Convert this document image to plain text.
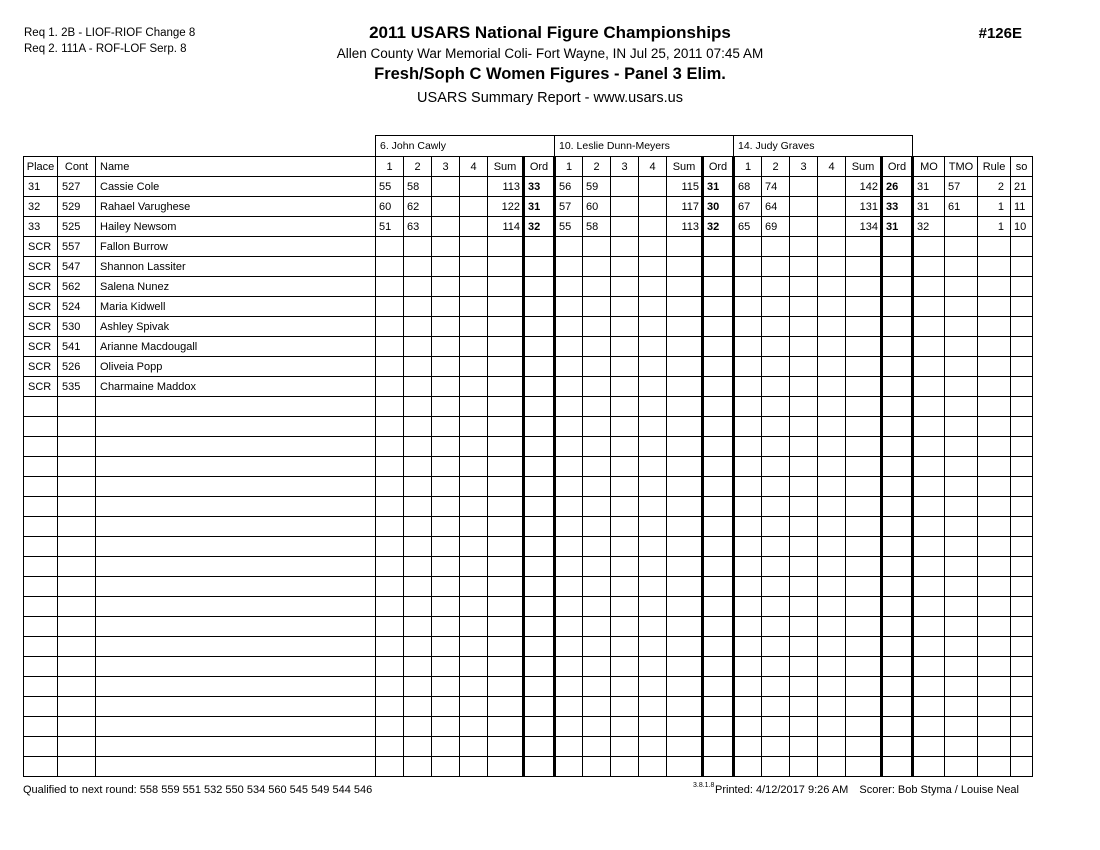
Req 1. 2B - LIOF-RIOF Change 8
Req 2. 111A - ROF-LOF Serp. 8
2011 USARS National Figure Championships
Allen County War Memorial Coli- Fort Wayne, IN Jul 25, 2011 07:45 AM
Fresh/Soph C Women Figures - Panel 3 Elim.
USARS Summary Report - www.usars.us
#126E
			6. John Cawly						10. Leslie Dunn-Meyers						14. Judy Graves									
Place	Cont	Name	1	2	3	4	Sum	Ord	1	2	3	4	Sum	Ord	1	2	3	4	Sum	Ord	MO	TMO	Rule	so
31	527	Cassie Cole	55	58			113	33	56	59			115	31	68	74			142	26	31	57	2	21
32	529	Rahael Varughese	60	62			122	31	57	60			117	30	67	64			131	33	31	61	1	11
33	525	Hailey Newsom	51	63			114	32	55	58			113	32	65	69			134	31	32		1	10
SCR	557	Fallon Burrow																						
SCR	547	Shannon Lassiter																						
SCR	562	Salena Nunez																						
SCR	524	Maria Kidwell																						
SCR	530	Ashley Spivak																						
SCR	541	Arianne Macdougall																						
SCR	526	Oliveia Popp																						
SCR	535	Charmaine Maddox																						

Qualified to next round: 558 559 551 532 550 534 560 545 549 544 546	3.8.1.8 Printed: 4/12/2017 9:26 AM Scorer: Bob Styma / Louise Neal
